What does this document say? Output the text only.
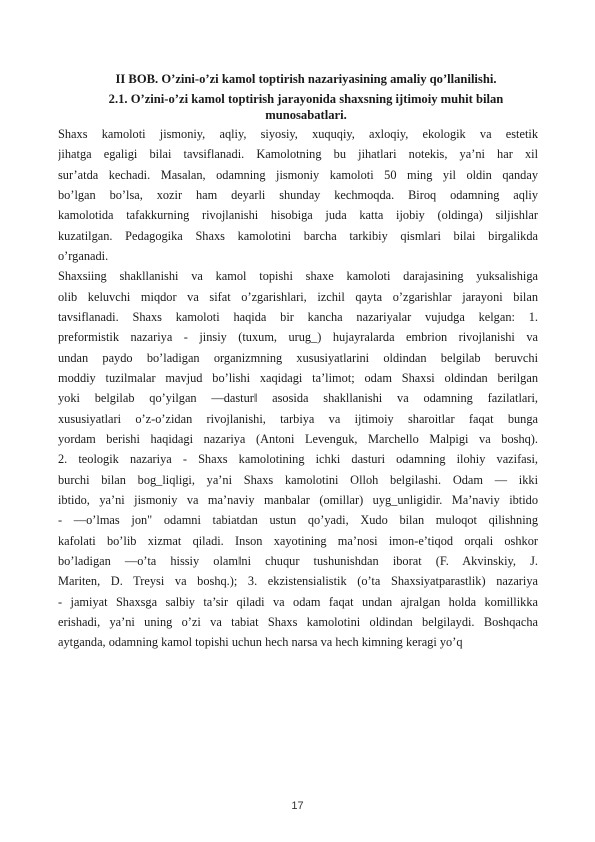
II BOB. O’zini-o’zi kamol toptirish nazariyasining amaliy qo’llanilishi.
2.1. O’zini-o’zi kamol toptirish jarayonida shaxsning ijtimoiy muhit bilan
munosabatlari.
Shaxs kamoloti jismoniy, aqliy, siyosiy, xuquqiy, axloqiy, ekologik va estetik
jihatga egaligi bilai tavsiflanadi. Kamolotning bu jihatlari notekis, ya’ni har xil
sur’atda kechadi. Masalan, odamning jismoniy kamoloti 50 ming yil oldin qanday
bo’lgan bo’lsa, xozir ham deyarli shunday kechmoqda. Biroq odamning aqliy
kamolotida tafakkurning rivojlanishi hisobiga juda katta ijobiy (oldinga) siljishlar
kuzatilgan. Pedagogika Shaxs kamolotini barcha tarkibiy qismlari bilai birgalikda
o’rganadi.
Shaxsiing shakllanishi va kamol topishi shaxe kamoloti darajasining yuksalishiga
olib keluvchi miqdor va sifat o’zgarishlari, izchil qayta o’zgarishlar jarayoni bilan
tavsiflanadi. Shaxs kamoloti haqida bir kancha nazariyalar vujudga kelgan: 1.
preformistik nazariya - jinsiy (tuxum, urug_) hujayralarda embrion rivojlanishi va
undan paydo bo’ladigan organizmning xususiyatlarini oldindan belgilab beruvchi
moddiy tuzilmalar mavjud bo’lishi xaqidagi ta’limot; odam Shaxsi oldindan berilgan
yoki belgilab qo’yilgan ―dastur‖ asosida shakllanishi va odamning fazilatlari,
xususiyatlari o’z-o’zidan rivojlanishi, tarbiya va ijtimoiy sharoitlar faqat bunga
yordam berishi haqidagi nazariya (Antoni Levenguk, Marchello Malpigi va boshq).
2. teologik nazariya - Shaxs kamolotining ichki dasturi odamning ilohiy vazifasi,
burchi bilan bog_liqligi, ya’ni Shaxs kamolotini Olloh belgilashi. Odam — ikki
ibtido, ya’ni jismoniy va ma’naviy manbalar (omillar) uyg_unligidir. Ma’naviy ibtido
- ―o’lmas jon" odamni tabiatdan ustun qo’yadi, Xudo bilan muloqot qilishning
kafolati bo’lib xizmat qiladi. Inson xayotining ma’nosi imon-e’tiqod orqali oshkor
bo’ladigan ―o’ta hissiy olam‖ni chuqur tushunishdan iborat (F. Akvinskiy, J.
Mariten, D. Treysi va boshq.); 3. ekzistensialistik (o’ta Shaxsiyatparastlik) nazariya
- jamiyat Shaxsga salbiy ta’sir qiladi va odam faqat undan ajralgan holda komillikka
erishadi, ya’ni uning o’zi va tabiat Shaxs kamolotini oldindan belgilaydi. Boshqacha
aytganda, odamning kamol topishi uchun hech narsa va hech kimning keragi yo’q
17
